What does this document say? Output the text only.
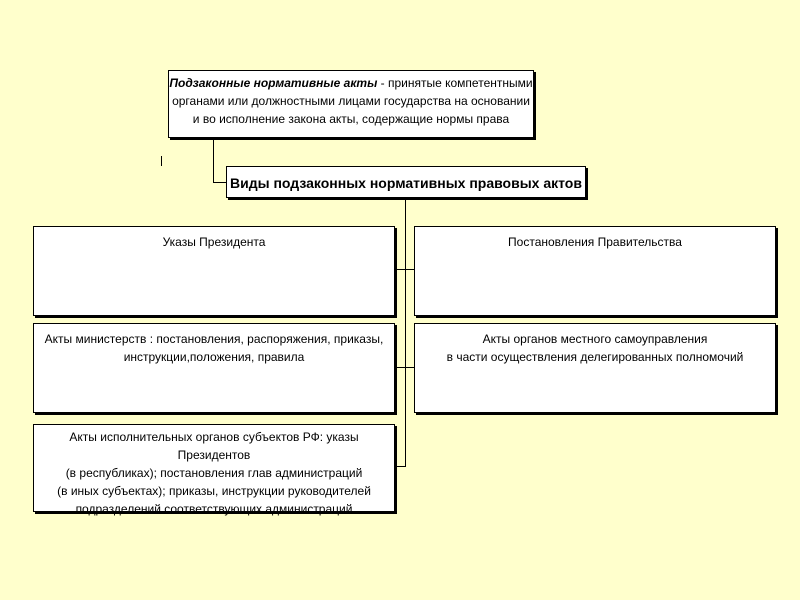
Подзаконные нормативные акты - принятые компетентными
органами или должностными лицами государства на основании
и во исполнение закона акты, содержащие нормы права
Виды подзаконных нормативных правовых актов
Указы Президента	Постановления Правительства
Акты министерств : постановления, распоряжения, приказы,
инструкции,положения, правила
Акты органов местного самоуправления
в части осуществления делегированных полномочий
Акты исполнительных органов субъектов РФ: указы Президентов
(в республиках); постановления глав администраций
(в иных субъектах); приказы, инструкции руководителей
подразделений соответствующих администраций
